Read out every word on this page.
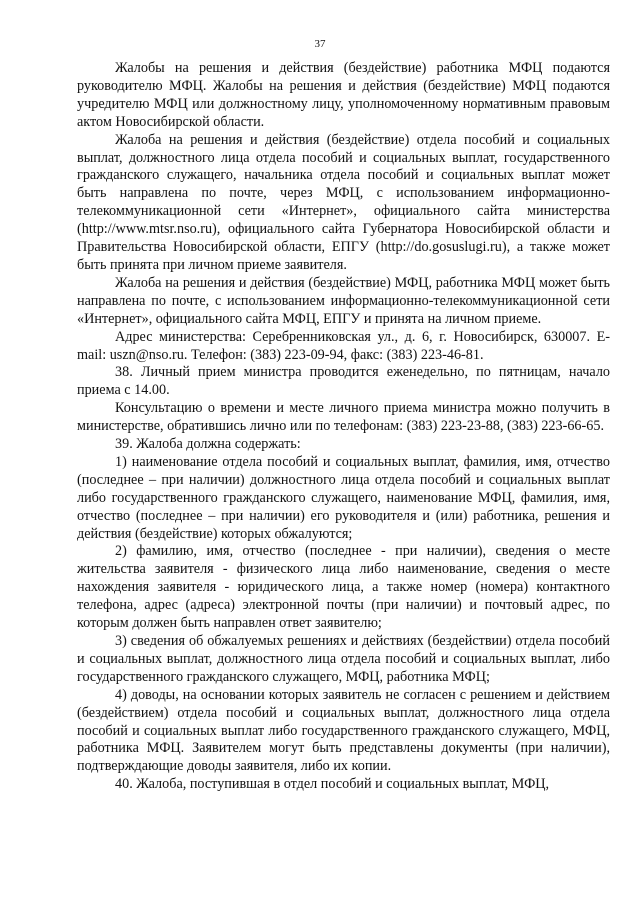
37

Жалобы на решения и действия (бездействие) работника МФЦ подаются руководителю МФЦ. Жалобы на решения и действия (бездействие) МФЦ подаются учредителю МФЦ или должностному лицу, уполномоченному нормативным правовым актом Новосибирской области.

Жалоба на решения и действия (бездействие) отдела пособий и социальных выплат, должностного лица отдела пособий и социальных выплат, государственного гражданского служащего, начальника отдела пособий и социальных выплат может быть направлена по почте, через МФЦ, с использованием информационно-телекоммуникационной сети «Интернет», официального сайта министерства (http://www.mtsr.nso.ru), официального сайта Губернатора Новосибирской области и Правительства Новосибирской области, ЕПГУ (http://do.gosuslugi.ru), а также может быть принята при личном приеме заявителя.

Жалоба на решения и действия (бездействие) МФЦ, работника МФЦ может быть направлена по почте, с использованием информационно-телекоммуникационной сети «Интернет», официального сайта МФЦ, ЕПГУ и принята на личном приеме.

Адрес министерства: Серебренниковская ул., д. 6, г. Новосибирск, 630007. E-mail: uszn@nso.ru. Телефон: (383) 223-09-94, факс: (383) 223-46-81.

38. Личный прием министра проводится еженедельно, по пятницам, начало приема с 14.00.

Консультацию о времени и месте личного приема министра можно получить в министерстве, обратившись лично или по телефонам: (383) 223-23-88, (383) 223-66-65.

39. Жалоба должна содержать:

1) наименование отдела пособий и социальных выплат, фамилия, имя, отчество (последнее – при наличии) должностного лица отдела пособий и социальных выплат либо государственного гражданского служащего, наименование МФЦ, фамилия, имя, отчество (последнее – при наличии) его руководителя и (или) работника, решения и действия (бездействие) которых обжалуются;

2) фамилию, имя, отчество (последнее - при наличии), сведения о месте жительства заявителя - физического лица либо наименование, сведения о месте нахождения заявителя - юридического лица, а также номер (номера) контактного телефона, адрес (адреса) электронной почты (при наличии) и почтовый адрес, по которым должен быть направлен ответ заявителю;

3) сведения об обжалуемых решениях и действиях (бездействии) отдела пособий и социальных выплат, должностного лица отдела пособий и социальных выплат, либо государственного гражданского служащего, МФЦ, работника МФЦ;

4) доводы, на основании которых заявитель не согласен с решением и действием (бездействием) отдела пособий и социальных выплат, должностного лица отдела пособий и социальных выплат либо государственного гражданского служащего, МФЦ, работника МФЦ. Заявителем могут быть представлены документы (при наличии), подтверждающие доводы заявителя, либо их копии.

40. Жалоба, поступившая в отдел пособий и социальных выплат, МФЦ,
